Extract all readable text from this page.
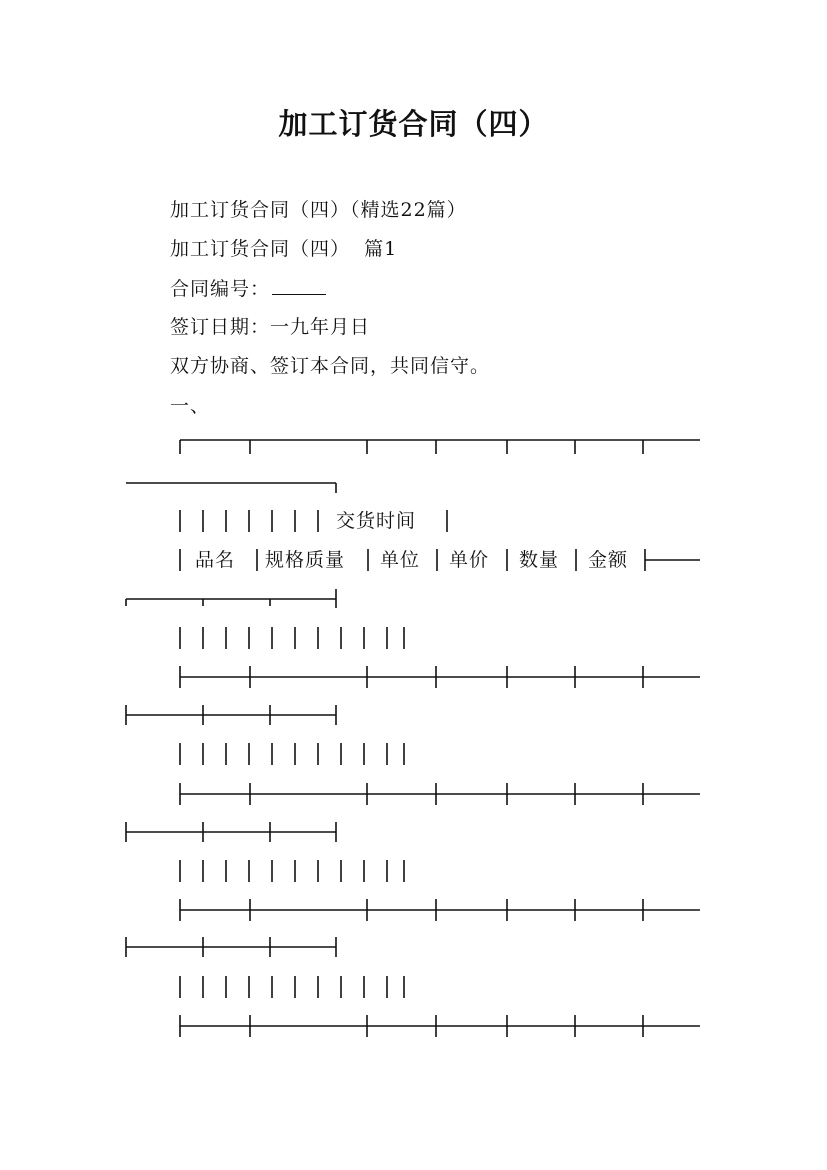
加工订货合同（四）
加工订货合同（四）（精选22篇）
加工订货合同（四）  篇1
合同编号：
签订日期：一九年月日
双方协商、签订本合同，共同信守。
一、
交货时间
品名 规格质量 单位 单价 数量 金额
